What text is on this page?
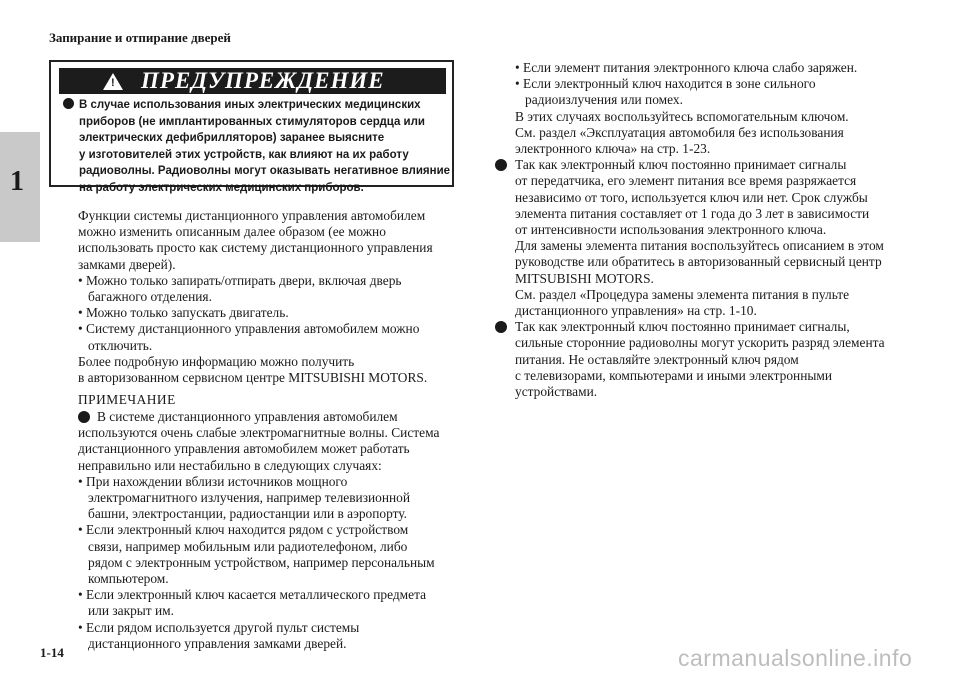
Запирание и отпирание дверей
1
! ПРЕДУПРЕЖДЕНИЕ
В случае использования иных электрических медицинских
приборов (не имплантированных стимуляторов сердца или
электрических дефибрилляторов) заранее выясните
у изготовителей этих устройств, как влияют на их работу
радиоволны. Радиоволны могут оказывать негативное влияние
на работу электрических медицинских приборов.
Функции системы дистанционного управления автомобилем
можно изменить описанным далее образом (ее можно
использовать просто как систему дистанционного управления
замками дверей).
• Можно только запирать/отпирать двери, включая дверь
багажного отделения.
• Можно только запускать двигатель.
• Систему дистанционного управления автомобилем можно
отключить.
Более подробную информацию можно получить
в авторизованном сервисном центре MITSUBISHI MOTORS.
ПРИМЕЧАНИЕ
В системе дистанционного управления автомобилем
используются очень слабые электромагнитные волны. Система
дистанционного управления автомобилем может работать
неправильно или нестабильно в следующих случаях:
• При нахождении вблизи источников мощного
электромагнитного излучения, например телевизионной
башни, электростанции, радиостанции или в аэропорту.
• Если электронный ключ находится рядом с устройством
связи, например мобильным или радиотелефоном, либо
рядом с электронным устройством, например персональным
компьютером.
• Если электронный ключ касается металлического предмета
или закрыт им.
• Если рядом используется другой пульт системы
дистанционного управления замками дверей.
• Если элемент питания электронного ключа слабо заряжен.
• Если электронный ключ находится в зоне сильного
радиоизлучения или помех.
В этих случаях воспользуйтесь вспомогательным ключом.
См. раздел «Эксплуатация автомобиля без использования
электронного ключа» на стр. 1-23.
Так как электронный ключ постоянно принимает сигналы
от передатчика, его элемент питания все время разряжается
независимо от того, используется ключ или нет. Срок службы
элемента питания составляет от 1 года до 3 лет в зависимости
от интенсивности использования электронного ключа.
Для замены элемента питания воспользуйтесь описанием в этом
руководстве или обратитесь в авторизованный сервисный центр
MITSUBISHI MOTORS.
См. раздел «Процедура замены элемента питания в пульте
дистанционного управления» на стр. 1-10.
Так как электронный ключ постоянно принимает сигналы,
сильные сторонние радиоволны могут ускорить разряд элемента
питания. Не оставляйте электронный ключ рядом
с телевизорами, компьютерами и иными электронными
устройствами.
1-14	carmanualsonline.info
